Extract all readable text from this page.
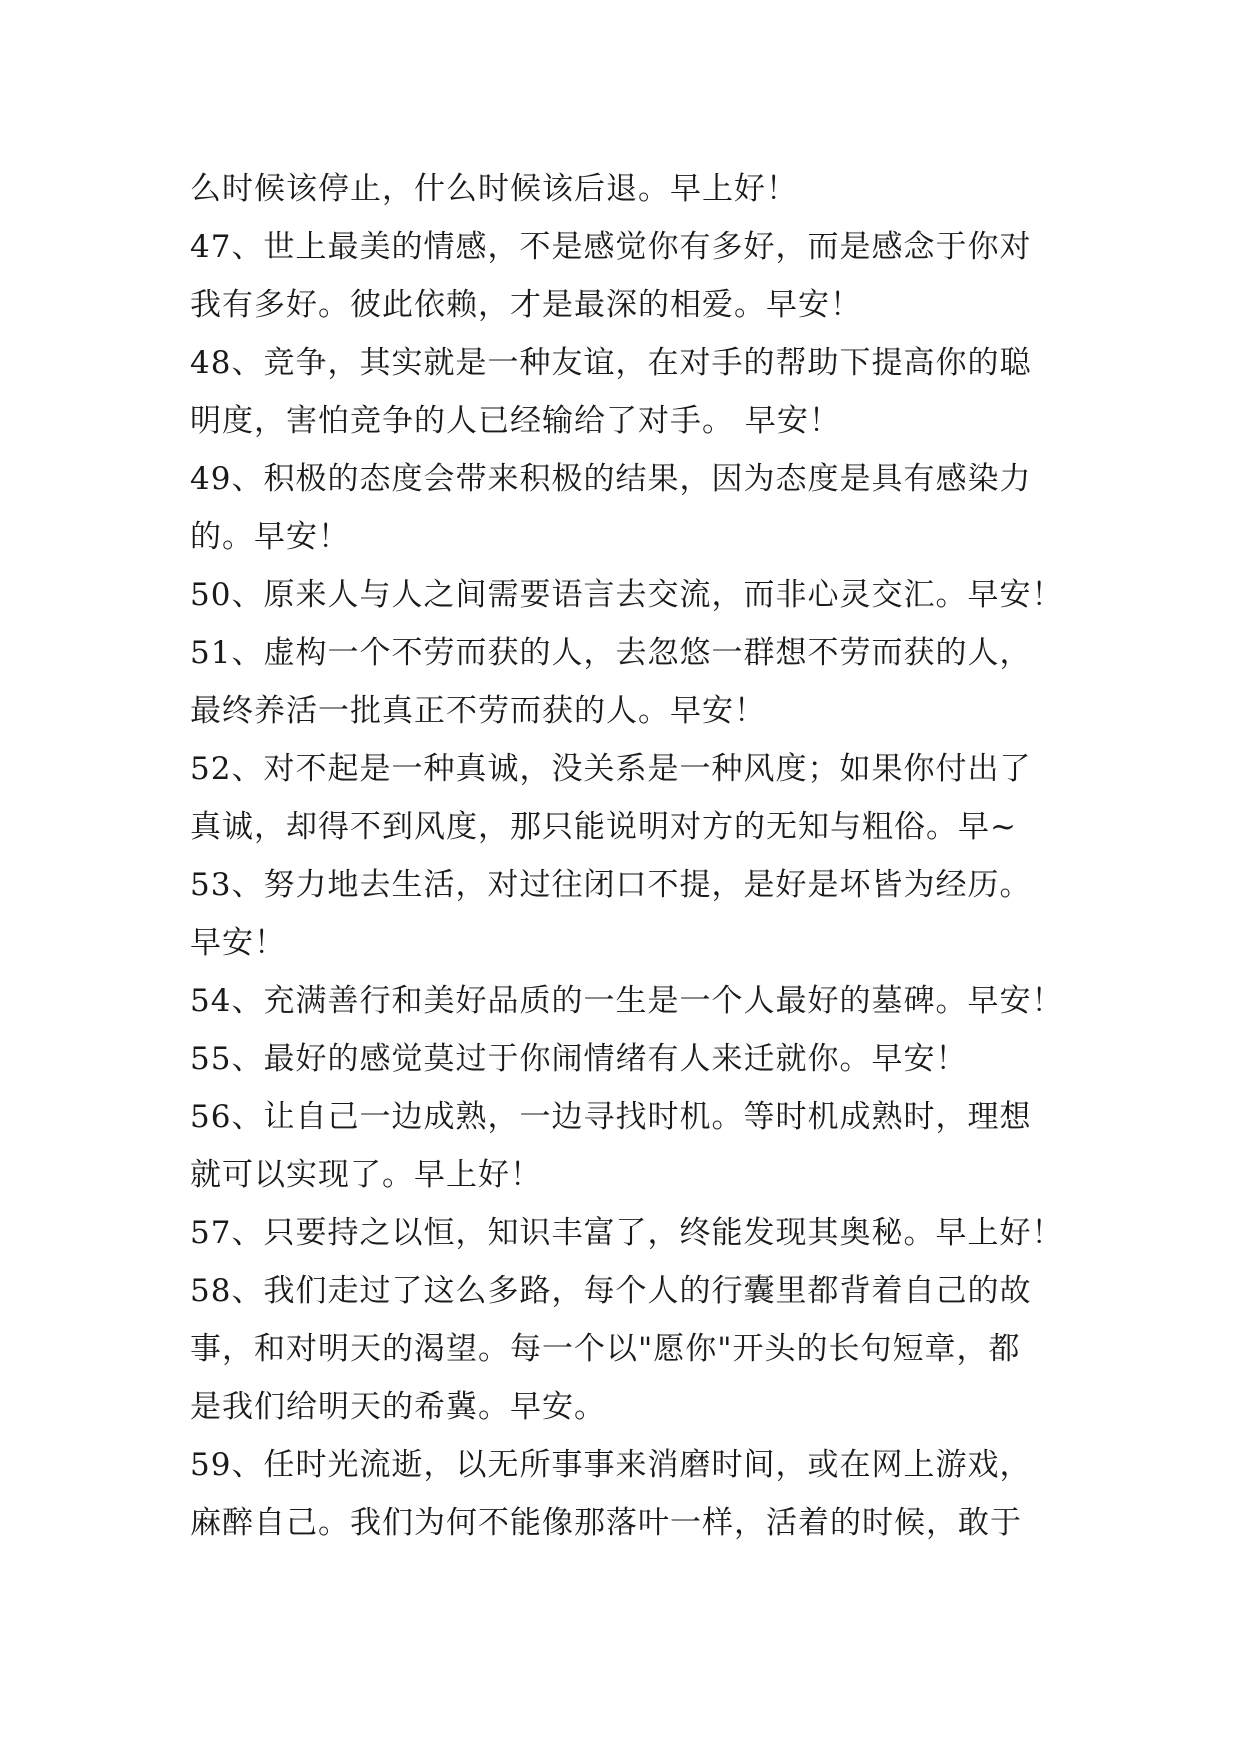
么时候该停止，什么时候该后退。早上好！
47、世上最美的情感，不是感觉你有多好，而是感念于你对
我有多好。彼此依赖，才是最深的相爱。早安！
48、竞争，其实就是一种友谊，在对手的帮助下提高你的聪
明度，害怕竞争的人已经输给了对手。 早安！
49、积极的态度会带来积极的结果，因为态度是具有感染力
的。早安！
50、原来人与人之间需要语言去交流，而非心灵交汇。早安！
51、虚构一个不劳而获的人，去忽悠一群想不劳而获的人，
最终养活一批真正不劳而获的人。早安！
52、对不起是一种真诚，没关系是一种风度；如果你付出了
真诚，却得不到风度，那只能说明对方的无知与粗俗。早~
53、努力地去生活，对过往闭口不提，是好是坏皆为经历。
早安！
54、充满善行和美好品质的一生是一个人最好的墓碑。早安！
55、最好的感觉莫过于你闹情绪有人来迁就你。早安！
56、让自己一边成熟，一边寻找时机。等时机成熟时，理想
就可以实现了。早上好！
57、只要持之以恒，知识丰富了，终能发现其奥秘。早上好！
58、我们走过了这么多路，每个人的行囊里都背着自己的故
事，和对明天的渴望。每一个以"愿你"开头的长句短章，都
是我们给明天的希冀。早安。
59、任时光流逝，以无所事事来消磨时间，或在网上游戏，
麻醉自己。我们为何不能像那落叶一样，活着的时候，敢于
